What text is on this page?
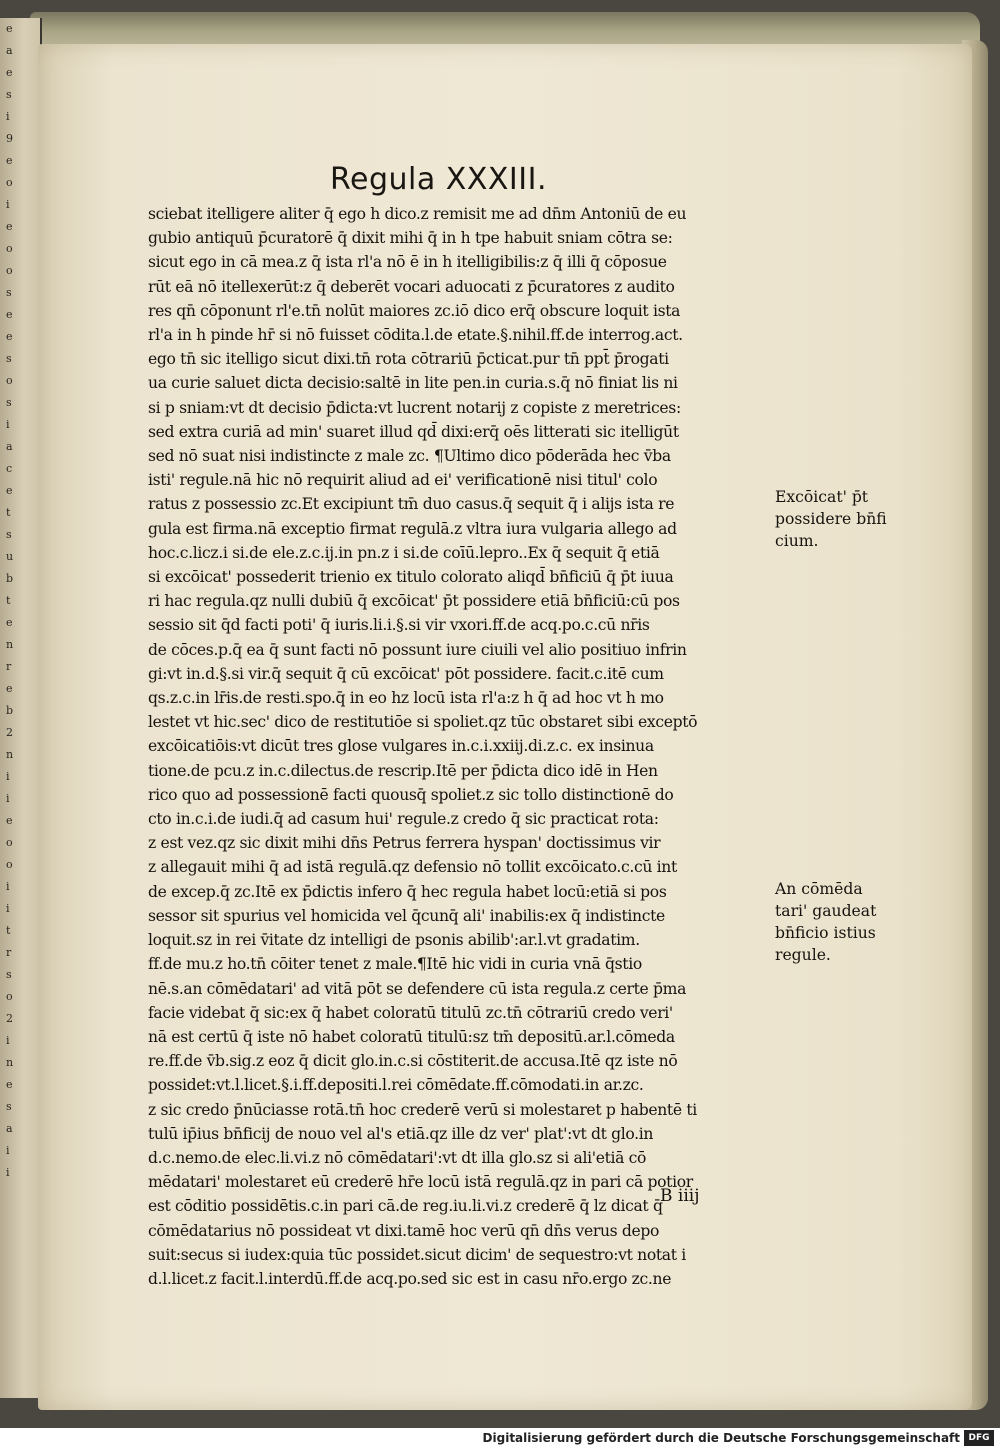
e
a
e
s
i
9
e
o
i
e
o
o
s
e
e
s
o
s
i
a
c
e
t
s
u
b
t
e
n
r
e
b
2
n
i
i
e
o
o
i
i
t
r
s
o
2
i
n
e
s
a
i
i
Regula XXXIII.
sciebat itelligere aliter q̄ ego h dico.z remisit me ad dn̄m Antoniū de eu
gubio antiquū p̄curatorē q̄ dixit mihi q̄ in h tpe habuit sniam cōtra se:
sicut ego in cā mea.z q̄ ista rl'a nō ē in h itelligibilis:z q̄ illi q̄ cōposue
rūt eā nō itellexerūt:z q̄ deberēt vocari aduocati z p̄curatores z audito
res qn̄ cōponunt rl'e.tn̄ nolūt maiores zc.iō dico erq̄ obscure loquit ista
rl'a in h pinde hr̄ si nō fuisset cōdita.l.de etate.§.nihil.ff.de interrog.act.
ego tn̄ sic itelligo sicut dixi.tn̄ rota cōtrariū p̄cticat.pur tn̄ ppt̄ p̄rogati
ua curie saluet dicta decisio:saltē in lite pen.in curia.s.q̄ nō finiat lis ni
si p sniam:vt dt decisio p̄dicta:vt lucrent notarij z copiste z meretrices:
sed extra curiā ad min' suaret illud qd̄ dixi:erq̄ oēs litterati sic itelligūt
sed nō suat nisi indistincte z male zc. ¶Ultimo dico pōderāda hec v̄ba
isti' regule.nā hic nō requirit aliud ad ei' verificationē nisi titul' colo
ratus z possessio zc.Et excipiunt tm̄ duo casus.q̄ sequit q̄ i alijs ista re
gula est firma.nā exceptio firmat regulā.z vltra iura vulgaria allego ad
hoc.c.licz.i si.de ele.z.c.ij.in pn.z i si.de coīū.lepro..Ex q̄ sequit q̄ etiā
si excōicat' possederit trienio ex titulo colorato aliqd̄ bn̄ficiū q̄ p̄t iuua
ri hac regula.qz nulli dubiū q̄ excōicat' p̄t possidere etiā bn̄ficiū:cū pos
sessio sit q̄d facti poti' q̄ iuris.li.i.§.si vir vxori.ff.de acq.po.c.cū nr̄is
de cōces.p.q̄ ea q̄ sunt facti nō possunt iure ciuili vel alio positiuo infrin
gi:vt in.d.§.si vir.q̄ sequit q̄ cū excōicat' pōt possidere. facit.c.itē cum
qs.z.c.in lr̄is.de resti.spo.q̄ in eo hz locū ista rl'a:z h q̄ ad hoc vt h mo
lestet vt hic.sec' dico de restitutiōe si spoliet.qz tūc obstaret sibi exceptō
excōicatiōis:vt dicūt tres glose vulgares in.c.i.xxiij.di.z.c. ex insinua
tione.de pcu.z in.c.dilectus.de rescrip.Itē per p̄dicta dico idē in Hen
rico quo ad possessionē facti quousq̄ spoliet.z sic tollo distinctionē do
cto in.c.i.de iudi.q̄ ad casum hui' regule.z credo q̄ sic practicat rota:
z est vez.qz sic dixit mihi dn̄s Petrus ferrera hyspan' doctissimus vir
z allegauit mihi q̄ ad istā regulā.qz defensio nō tollit excōicato.c.cū int
de excep.q̄ zc.Itē ex p̄dictis infero q̄ hec regula habet locū:etiā si pos
sessor sit spurius vel homicida vel q̄cunq̄ ali' inabilis:ex q̄ indistincte
loquit.sz in rei v̄itate dz intelligi de psonis abilib':ar.l.vt gradatim.
ff.de mu.z ho.tn̄ cōiter tenet z male.¶Itē hic vidi in curia vnā q̄stio
nē.s.an cōmēdatari' ad vitā pōt se defendere cū ista regula.z certe p̄ma
facie videbat q̄ sic:ex q̄ habet coloratū titulū zc.tn̄ cōtrariū credo veri'
nā est certū q̄ iste nō habet coloratū titulū:sz tm̄ depositū.ar.l.cōmeda
re.ff.de v̄b.sig.z eoz q̄ dicit glo.in.c.si cōstiterit.de accusa.Itē qz iste nō
possidet:vt.l.licet.§.i.ff.depositi.l.rei cōmēdate.ff.cōmodati.in ar.zc.
z sic credo p̄nūciasse rotā.tn̄ hoc crederē verū si molestaret p habentē ti
tulū ip̄ius bn̄ficij de nouo vel al's etiā.qz ille dz ver' plat':vt dt glo.in
d.c.nemo.de elec.li.vi.z nō cōmēdatari':vt dt illa glo.sz si ali'etiā cō
mēdatari' molestaret eū crederē hr̄e locū istā regulā.qz in pari cā potior
est cōditio possidētis.c.in pari cā.de reg.iu.li.vi.z crederē q̄ lz dicat q̄
cōmēdatarius nō possideat vt dixi.tamē hoc verū qn̄ dn̄s verus depo
suit:secus si iudex:quia tūc possidet.sicut dicim' de sequestro:vt notat i
d.l.licet.z facit.l.interdū.ff.de acq.po.sed sic est in casu nr̄o.ergo zc.ne
Excōicat' p̄t
possidere bn̄fi
cium.
An cōmēda
tari' gaudeat
bn̄ficio istius
regule.
B iiij
Digitalisierung gefördert durch die Deutsche Forschungsgemeinschaft DFG
